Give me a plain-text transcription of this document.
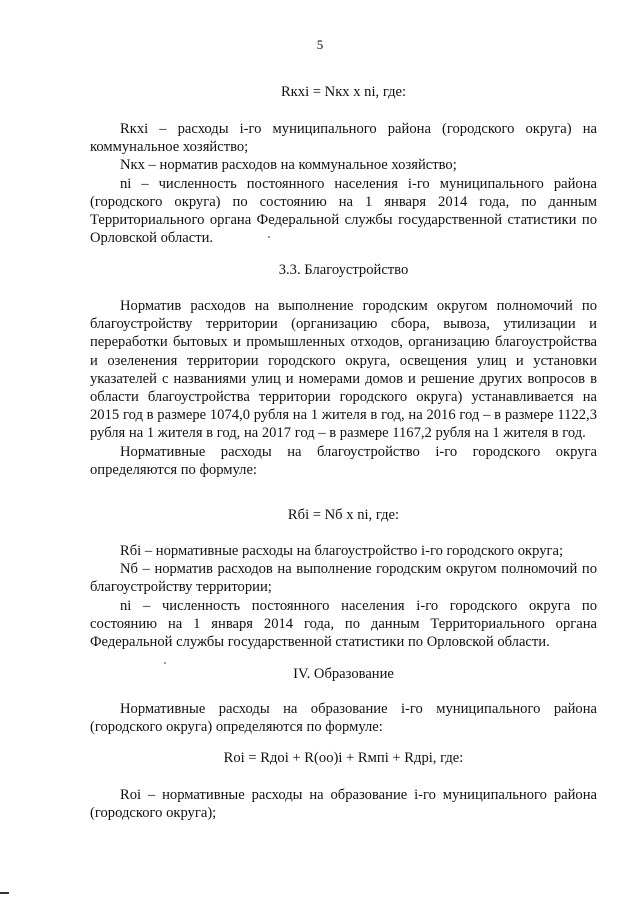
5
Rкxi = Nкx x ni, где:

Rкxi – расходы i-го муниципального района (городского округа) на коммунальное хозяйство;

Nкx – норматив расходов на коммунальное хозяйство;

ni – численность постоянного населения i-го муниципального района (городского округа) по состоянию на 1 января 2014 года, по данным Территориального органа Федеральной службы государственной статистики по Орловской области.

3.3. Благоустройство

Норматив расходов на выполнение городским округом полномочий по благоустройству территории (организацию сбора, вывоза, утилизации и переработки бытовых и промышленных отходов, организацию благоустройства и озеленения территории городского округа, освещения улиц и установки указателей с названиями улиц и номерами домов и решение других вопросов в области благоустройства территории городского округа) устанавливается на 2015 год в размере 1074,0 рубля на 1 жителя в год, на 2016 год – в размере 1122,3 рубля на 1 жителя в год, на 2017 год – в размере 1167,2 рубля на 1 жителя в год.

Нормативные расходы на благоустройство i-го городского округа определяются по формуле:

Rбi = Nб x ni, где:

Rбi – нормативные расходы на благоустройство i-го городского округа;

Nб – норматив расходов на выполнение городским округом полномочий по благоустройству территории;

ni – численность постоянного населения i-го городского округа по состоянию на 1 января 2014 года, по данным Территориального органа Федеральной службы государственной статистики по Орловской области.

IV. Образование

Нормативные расходы на образование i-го муниципального района (городского округа) определяются по формуле:

Roi = Rдoi + R(oo)i + Rмпi + Rдрi, где:

Roi – нормативные расходы на образование i-го муниципального района (городского округа);
